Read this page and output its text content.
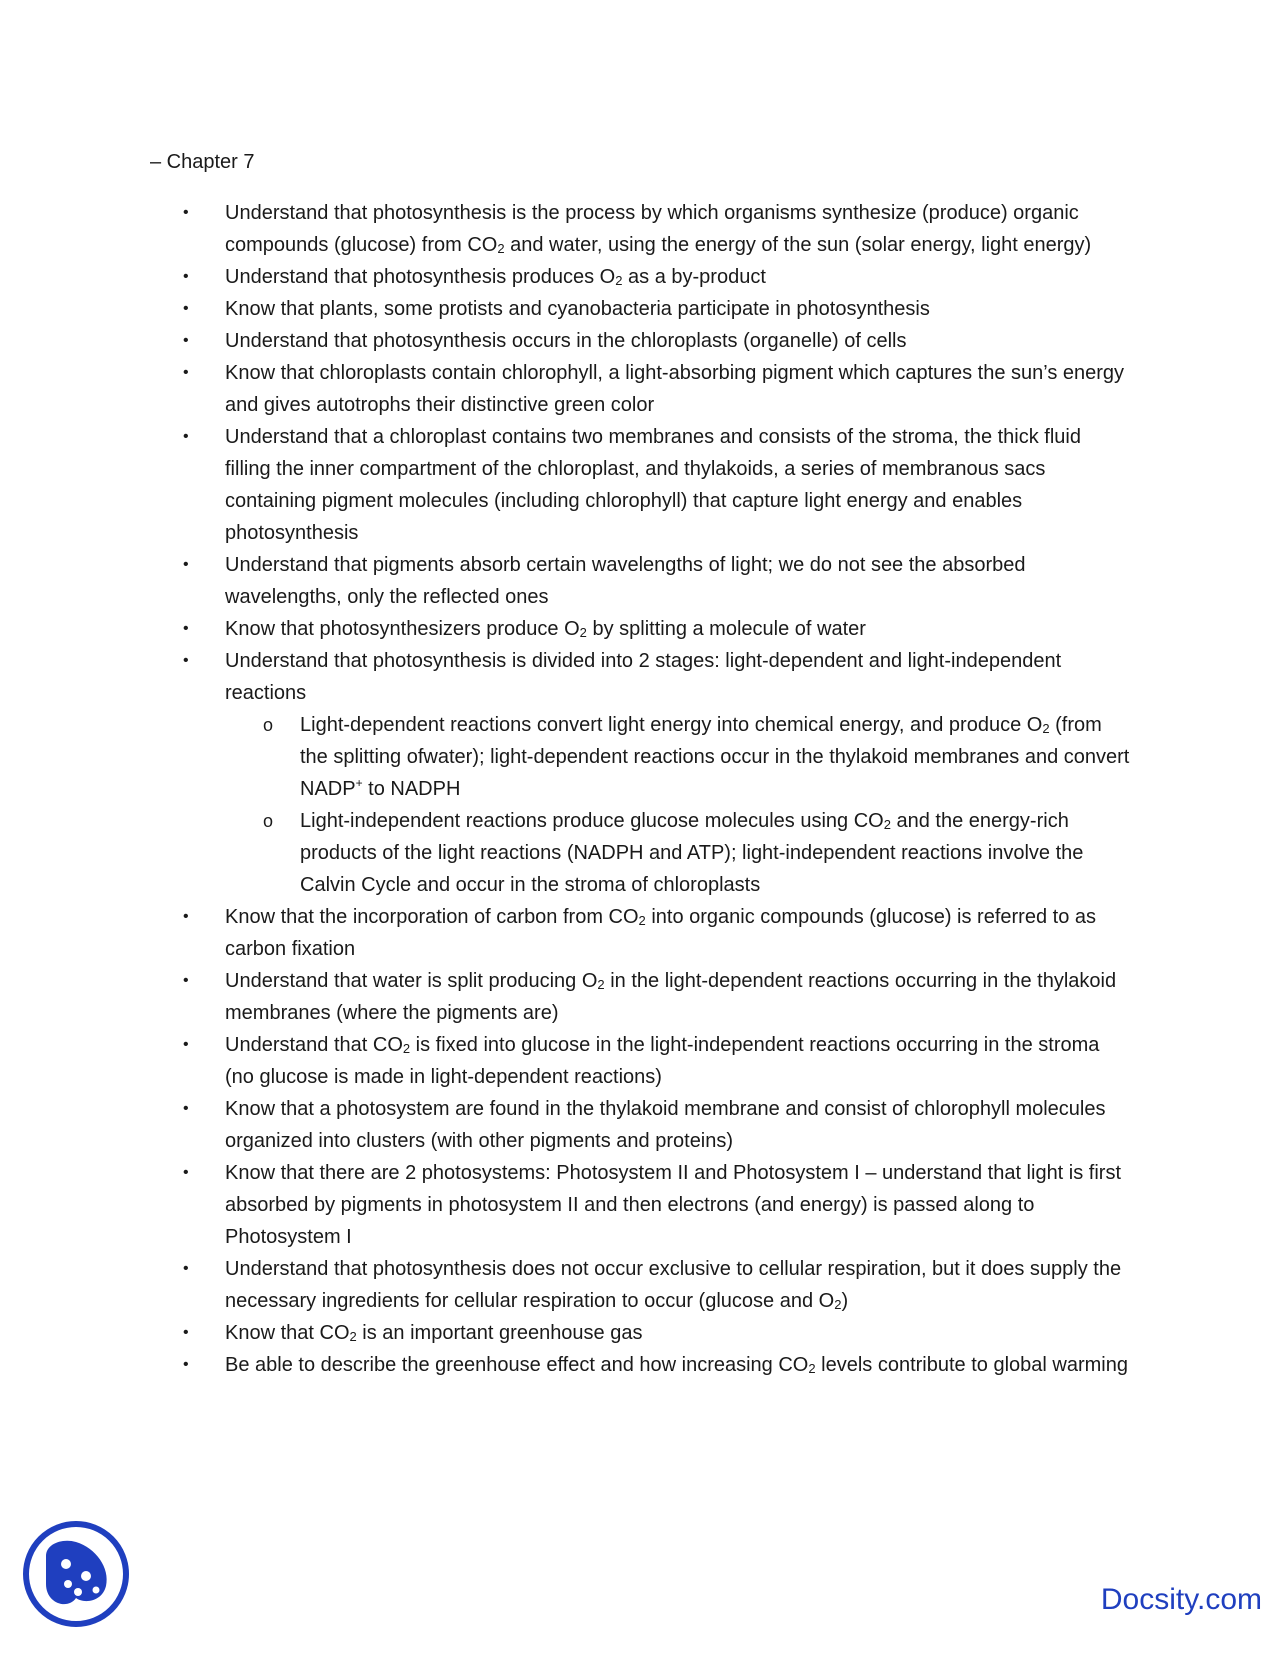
– Chapter 7
• Understand that photosynthesis is the process by which organisms synthesize (produce) organic compounds (glucose) from $CO_2$ and water, using the energy of the sun (solar energy, light energy)
• Understand that photosynthesis produces $O_2$ as a by-product
• Know that plants, some protists and cyanobacteria participate in photosynthesis
• Understand that photosynthesis occurs in the chloroplasts (organelle) of cells
• Know that chloroplasts contain chlorophyll, a light-absorbing pigment which captures the sun’s energy and gives autotrophs their distinctive green color
• Understand that a chloroplast contains two membranes and consists of the stroma, the thick fluid filling the inner compartment of the chloroplast, and thylakoids, a series of membranous sacs containing pigment molecules (including chlorophyll) that capture light energy and enables photosynthesis
• Understand that pigments absorb certain wavelengths of light; we do not see the absorbed wavelengths, only the reflected ones
• Know that photosynthesizers produce $O_2$ by splitting a molecule of water
• Understand that photosynthesis is divided into 2 stages: light-dependent and light-independent reactions
o Light-dependent reactions convert light energy into chemical energy, and produce $O_2$ (from the splitting ofwater); light-dependent reactions occur in the thylakoid membranes and convert NADP+ to NADPH
o Light-independent reactions produce glucose molecules using $CO_2$ and the energy-rich products of the light reactions (NADPH and ATP); light-independent reactions involve the Calvin Cycle and occur in the stroma of chloroplasts
• Know that the incorporation of carbon from $CO_2$ into organic compounds (glucose) is referred to as carbon fixation
• Understand that water is split producing $O_2$ in the light-dependent reactions occurring in the thylakoid membranes (where the pigments are)
• Understand that $CO_2$ is fixed into glucose in the light-independent reactions occurring in the stroma (no glucose is made in light-dependent reactions)
• Know that a photosystem are found in the thylakoid membrane and consist of chlorophyll molecules organized into clusters (with other pigments and proteins)
• Know that there are 2 photosystems: Photosystem II and Photosystem I – understand that light is first absorbed by pigments in photosystem II and then electrons (and energy) is passed along to Photosystem I
• Understand that photosynthesis does not occur exclusive to cellular respiration, but it does supply the necessary ingredients for cellular respiration to occur (glucose and $O_2$)
• Know that $CO_2$ is an important greenhouse gas
• Be able to describe the greenhouse effect and how increasing $CO_2$ levels contribute to global warming
Docsity.com
